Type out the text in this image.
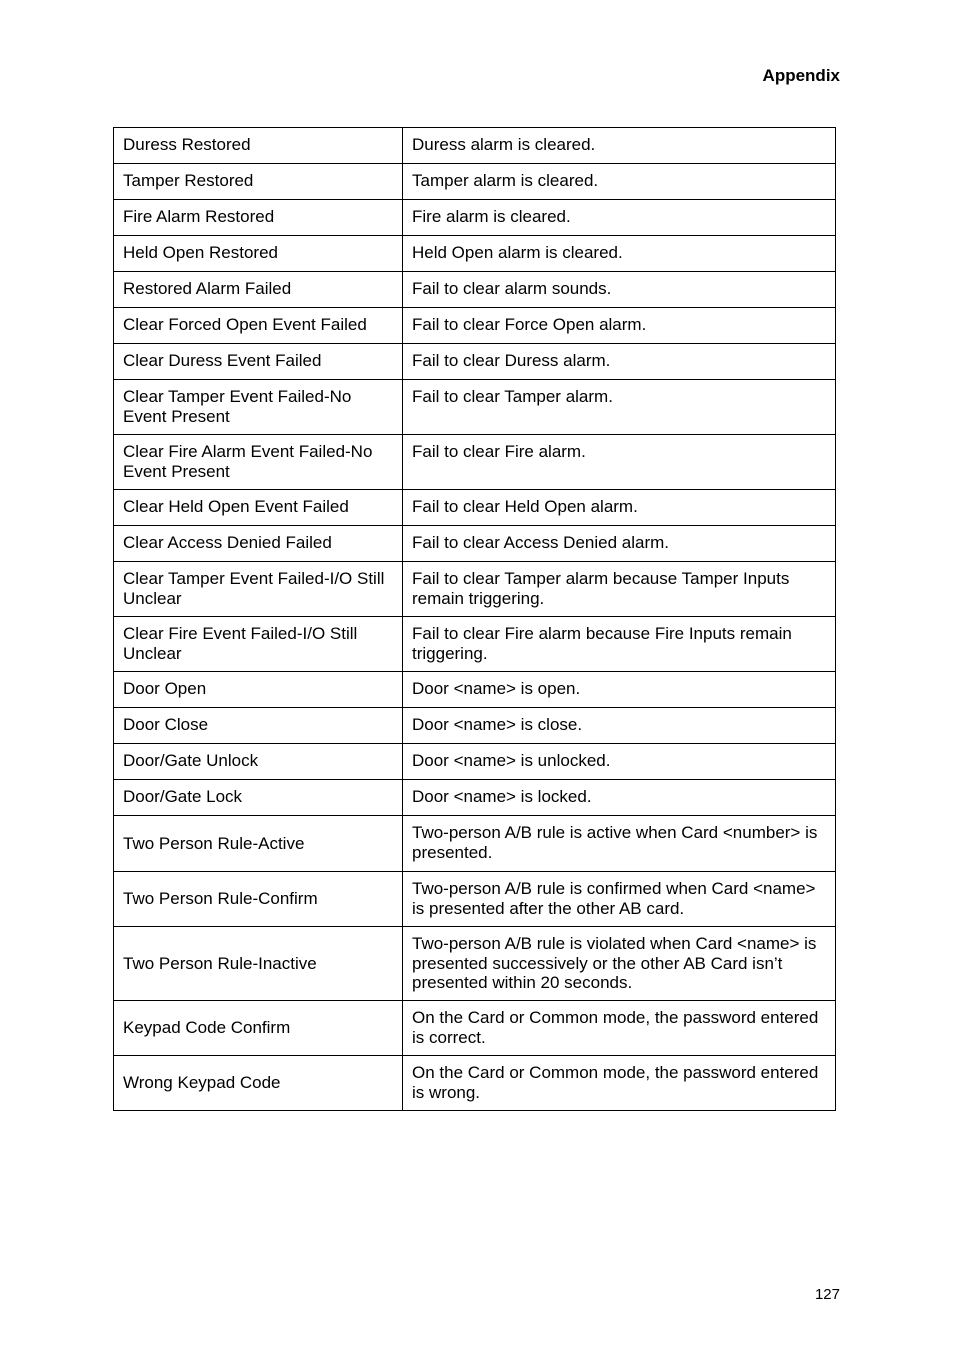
Appendix
Duress Restored	Duress alarm is cleared.
Tamper Restored	Tamper alarm is cleared.
Fire Alarm Restored	Fire alarm is cleared.
Held Open Restored	Held Open alarm is cleared.
Restored Alarm Failed	Fail to clear alarm sounds.
Clear Forced Open Event Failed	Fail to clear Force Open alarm.
Clear Duress Event Failed	Fail to clear Duress alarm.
Clear Tamper Event Failed-No Event Present	Fail to clear Tamper alarm.
Clear Fire Alarm Event Failed-No Event Present	Fail to clear Fire alarm.
Clear Held Open Event Failed	Fail to clear Held Open alarm.
Clear Access Denied Failed	Fail to clear Access Denied alarm.
Clear Tamper Event Failed-I/O Still Unclear	Fail to clear Tamper alarm because Tamper Inputs remain triggering.
Clear Fire Event Failed-I/O Still Unclear	Fail to clear Fire alarm because Fire Inputs remain triggering.
Door Open	Door <name> is open.
Door Close	Door <name> is close.
Door/Gate Unlock	Door <name> is unlocked.
Door/Gate Lock	Door <name> is locked.
Two Person Rule-Active	Two-person A/B rule is active when Card <number> is presented.
Two Person Rule-Confirm	Two-person A/B rule is confirmed when Card <name> is presented after the other AB card.
Two Person Rule-Inactive	Two-person A/B rule is violated when Card <name> is presented successively or the other AB Card isn’t presented within 20 seconds.
Keypad Code Confirm	On the Card or Common mode, the password entered is correct.
Wrong Keypad Code	On the Card or Common mode, the password entered is wrong.
127
